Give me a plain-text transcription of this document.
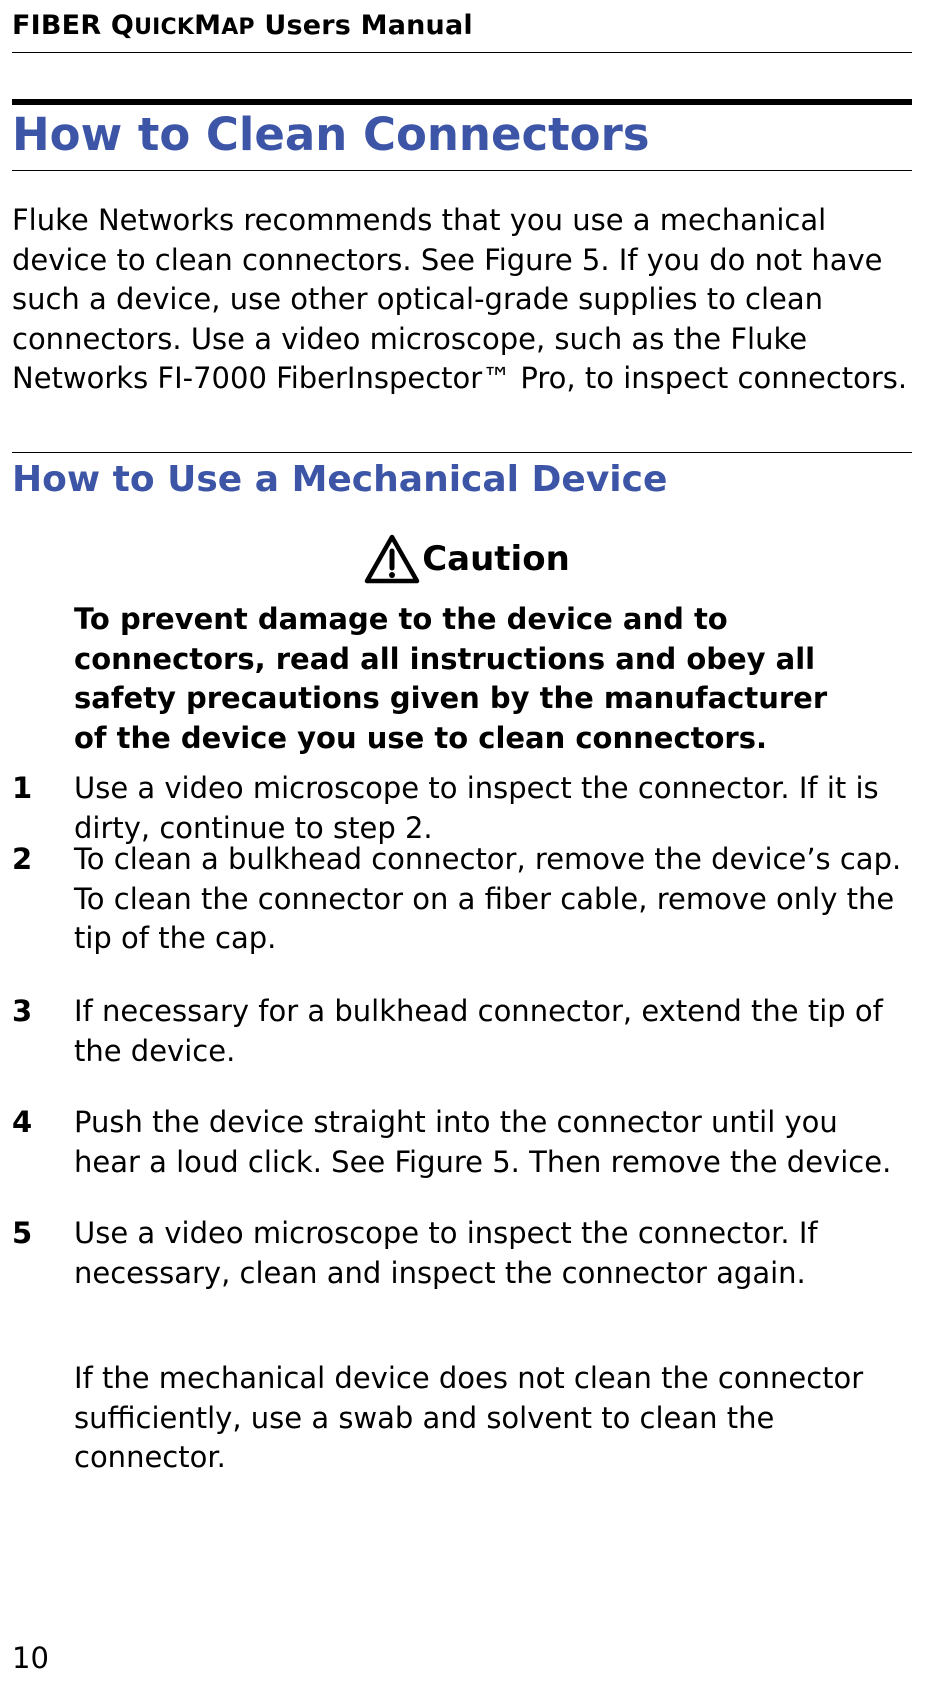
FIBER QUICKMAP Users Manual
How to Clean Connectors
Fluke Networks recommends that you use a mechanical device to clean connectors. See Figure 5. If you do not have such a device, use other optical-grade supplies to clean connectors. Use a video microscope, such as the Fluke Networks FI-7000 FiberInspector™ Pro, to inspect connectors.
How to Use a Mechanical Device
Caution
To prevent damage to the device and to connectors, read all instructions and obey all safety precautions given by the manufacturer of the device you use to clean connectors.
1	Use a video microscope to inspect the connector. If it is dirty, continue to step 2.
2	To clean a bulkhead connector, remove the device’s cap. To clean the connector on a fiber cable, remove only the tip of the cap.
3	If necessary for a bulkhead connector, extend the tip of the device.
4	Push the device straight into the connector until you hear a loud click. See Figure 5. Then remove the device.
5	Use a video microscope to inspect the connector. If necessary, clean and inspect the connector again.
If the mechanical device does not clean the connector sufficiently, use a swab and solvent to clean the connector.
10
